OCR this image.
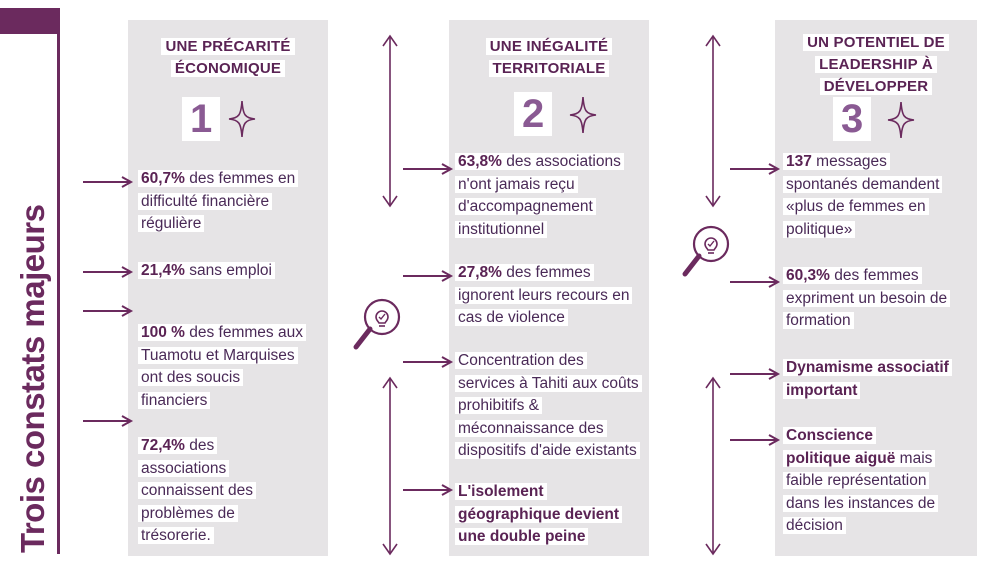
Trois constats majeurs
UNE PRÉCARITÉ
ÉCONOMIQUE
1
60,7% des femmes en
difficulté financière
régulière
21,4% sans emploi
100 % des femmes aux
Tuamotu et Marquises
ont des soucis
financiers
72,4% des
associations
connaissent des
problèmes de
trésorerie.
UNE INÉGALITÉ
TERRITORIALE
2
63,8% des associations
n'ont jamais reçu
d'accompagnement
institutionnel
27,8% des femmes
ignorent leurs recours en
cas de violence
Concentration des
services à Tahiti aux coûts
prohibitifs &
méconnaissance des
dispositifs d'aide existants
L'isolement
géographique devient
une double peine
UN POTENTIEL DE
LEADERSHIP À
DÉVELOPPER
3
137 messages
spontanés demandent
«plus de femmes en
politique»
60,3% des femmes
expriment un besoin de
formation
Dynamisme associatif
important
Conscience
politique aiguë mais
faible représentation
dans les instances de
décision
